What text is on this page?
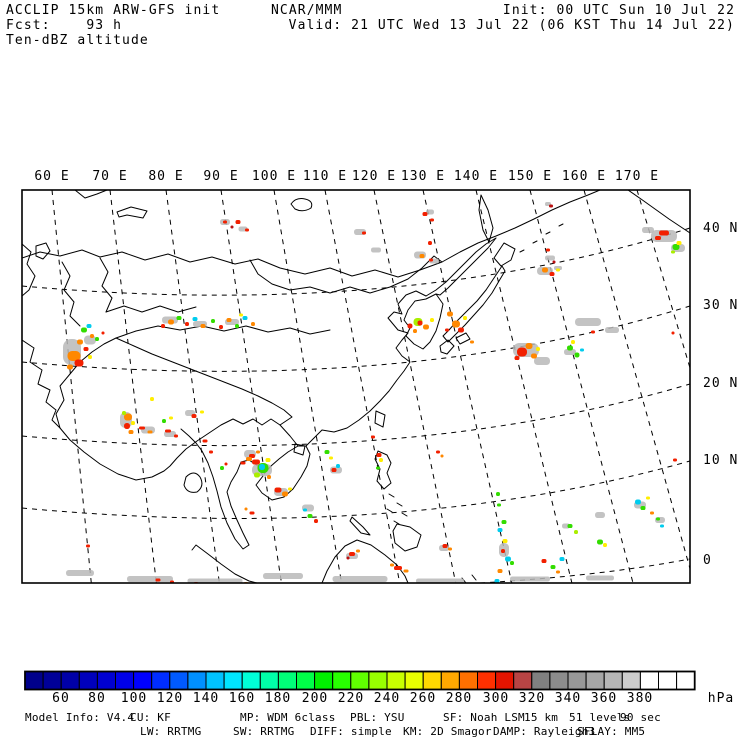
ACCLIP 15km ARW-GFS init
Fcst:    93 h
Ten-dBZ altitude
NCAR/MMM	Init: 00 UTC Sun 10 Jul 22
Valid: 21 UTC Wed 13 Jul 22 (06 KST Thu 14 Jul 22)
60 E 70 E 80 E 90 E 100 E 110 E 120 E 130 E 140 E 150 E 160 E 170 E
40 N
30 N
20 N
10 N
0
60 80 100 120 140 160 180 200 220 240 260 280 300 320 340 360 380	hPa
Model Info: V4.4
CU: KF	MP: WDM 6class PBL: YSU	SF: Noah LSM 15 km 51 levels
90 sec
LW: RRTMG	SW: RRTMG DIFF: simple KM: 2D Smagor DAMP: Rayleigh3
SFLAY: MM5
